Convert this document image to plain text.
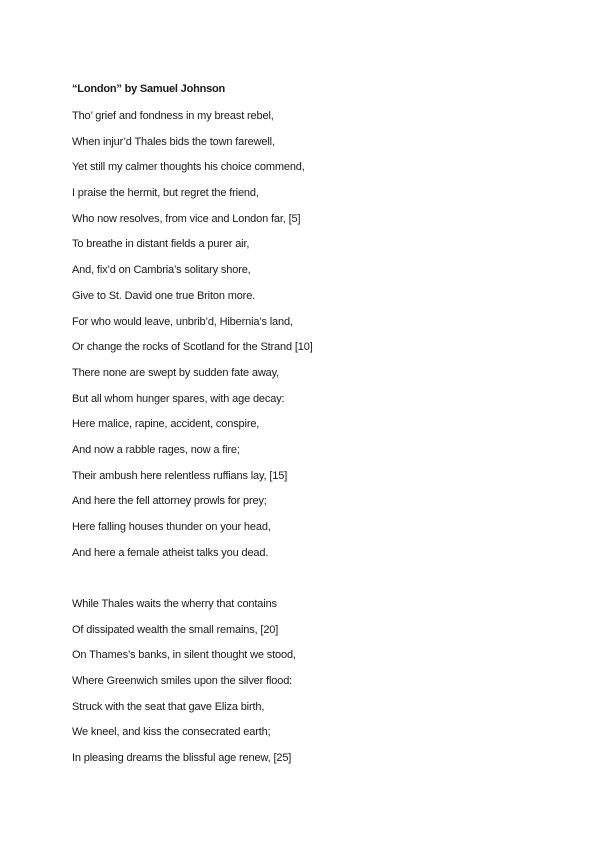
“London” by Samuel Johnson
Tho’ grief and fondness in my breast rebel,
When injur’d Thales bids the town farewell,
Yet still my calmer thoughts his choice commend,
I praise the hermit, but regret the friend,
Who now resolves, from vice and London far, [5]
To breathe in distant fields a purer air,
And, fix’d on Cambria’s solitary shore,
Give to St. David one true Briton more.
For who would leave, unbrib’d, Hibernia’s land,
Or change the rocks of Scotland for the Strand [10]
There none are swept by sudden fate away,
But all whom hunger spares, with age decay:
Here malice, rapine, accident, conspire,
And now a rabble rages, now a fire;
Their ambush here relentless ruffians lay, [15]
And here the fell attorney prowls for prey;
Here falling houses thunder on your head,
And here a female atheist talks you dead.
While Thales waits the wherry that contains
Of dissipated wealth the small remains, [20]
On Thames’s banks, in silent thought we stood,
Where Greenwich smiles upon the silver flood:
Struck with the seat that gave Eliza birth,
We kneel, and kiss the consecrated earth;
In pleasing dreams the blissful age renew, [25]
